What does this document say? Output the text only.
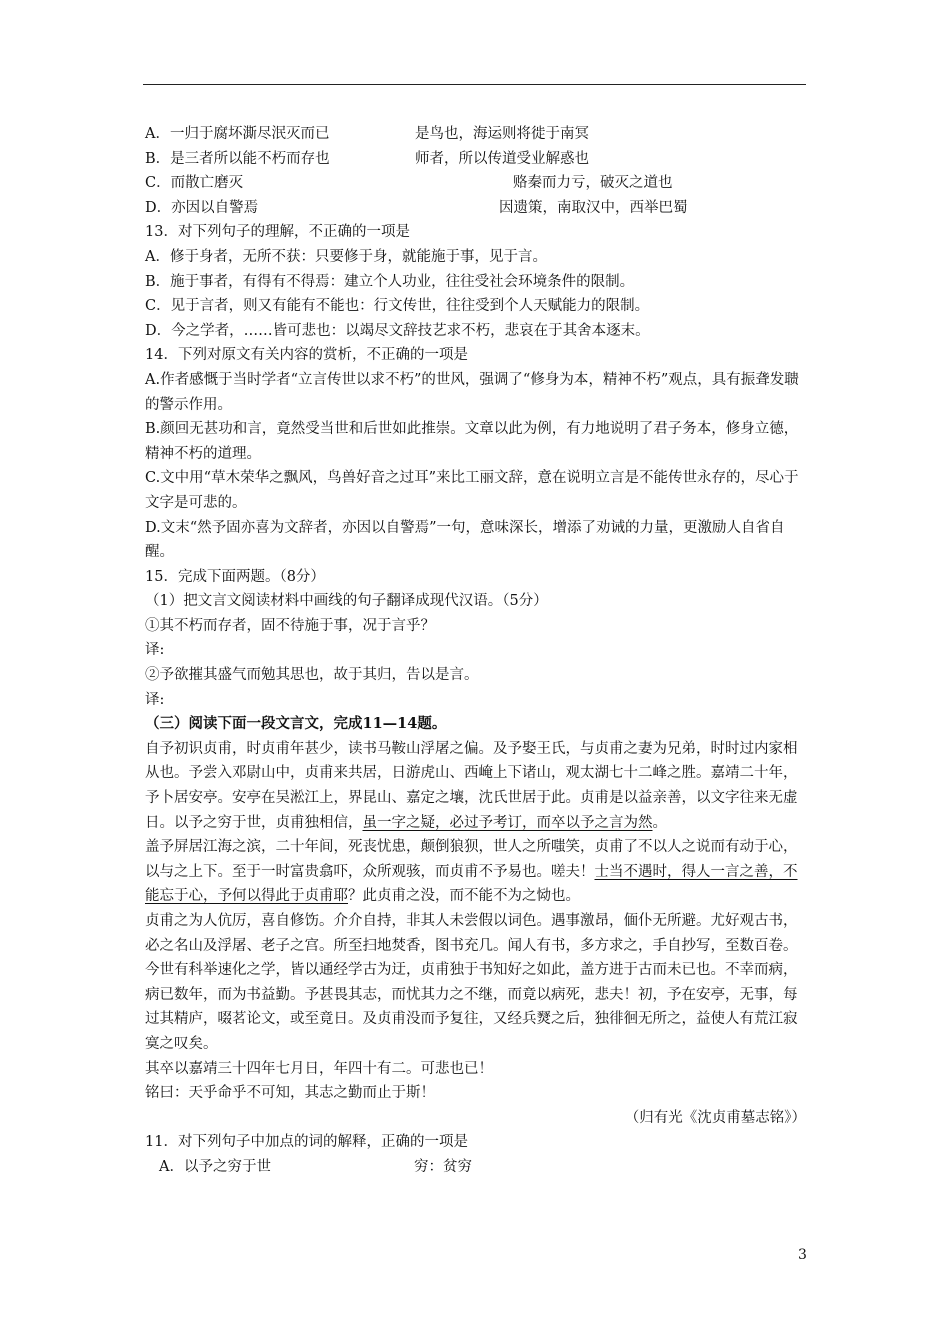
A．一归于腐坏澌尽泯灭而已	是鸟也，海运则将徙于南冥
B．是三者所以能不朽而存也	师者，所以传道受业解惑也
C．而散亡磨灭	赂秦而力亏，破灭之道也
D．亦因以自警焉	因遗策，南取汉中，西举巴蜀
13．对下列句子的理解，不正确的一项是
A．修于身者，无所不获：只要修于身，就能施于事，见于言。
B．施于事者，有得有不得焉：建立个人功业，往往受社会环境条件的限制。
C．见于言者，则又有能有不能也：行文传世，往往受到个人天赋能力的限制。
D．今之学者，……皆可悲也：以竭尽文辞技艺求不朽，悲哀在于其舍本逐末。
14．下列对原文有关内容的赏析，不正确的一项是
A.作者感慨于当时学者“立言传世以求不朽”的世风，强调了“修身为本，精神不朽”观点，具有振聋发聩的警示作用。
B.颜回无甚功和言，竟然受当世和后世如此推崇。文章以此为例，有力地说明了君子务本，修身立德，精神不朽的道理。
C.文中用“草木荣华之飘风，鸟兽好音之过耳”来比工丽文辞，意在说明立言是不能传世永存的，尽心于文字是可悲的。
D.文末“然予固亦喜为文辞者，亦因以自警焉”一句，意味深长，增添了劝诫的力量，更激励人自省自醒。
15．完成下面两题。（8分）
（1）把文言文阅读材料中画线的句子翻译成现代汉语。（5分）
①其不朽而存者，固不待施于事，况于言乎？
译:
②予欲摧其盛气而勉其思也，故于其归，告以是言。
译:
（三）阅读下面一段文言文，完成11—14题。
自予初识贞甫，时贞甫年甚少，读书马鞍山浮屠之偏。及予娶王氏，与贞甫之妻为兄弟，时时过内家相从也。予尝入邓尉山中，贞甫来共居，日游虎山、西崦上下诸山，观太湖七十二峰之胜。嘉靖二十年，予卜居安亭。安亭在吴淞江上，界昆山、嘉定之壤，沈氏世居于此。贞甫是以益亲善，以文字往来无虚日。以予之穷于世，贞甫独相信，虽一字之疑，必过予考订，而卒以予之言为然。
盖予屏居江海之滨，二十年间，死丧忧患，颠倒狼狈，世人之所嗤笑，贞甫了不以人之说而有动于心，以与之上下。至于一时富贵翕吓，众所观骇，而贞甫不予易也。嗟夫！士当不遇时，得人一言之善，不能忘于心，予何以得此于贞甫耶？此贞甫之没，而不能不为之恸也。
贞甫之为人伉厉，喜自修饬。介介自持，非其人未尝假以词色。遇事激昂，偭仆无所避。尤好观古书，必之名山及浮屠、老子之宫。所至扫地焚香，图书充几。闻人有书，多方求之，手自抄写，至数百卷。今世有科举速化之学，皆以通经学古为迂，贞甫独于书知好之如此，盖方进于古而未已也。不幸而病，病已数年，而为书益勤。予甚畏其志，而忧其力之不继，而竟以病死，悲夫！初，予在安亭，无事，每过其精庐，啜茗论文，或至竟日。及贞甫没而予复往，又经兵燹之后，独徘徊无所之，益使人有荒江寂寞之叹矣。
其卒以嘉靖三十四年七月日，年四十有二。可悲也已！
铭曰：天乎命乎不可知，其志之勤而止于斯！
（归有光《沈贞甫墓志铭》）
11．对下列句子中加点的词的解释，正确的一项是
A．以予之穷于世	穷：贫穷
3
